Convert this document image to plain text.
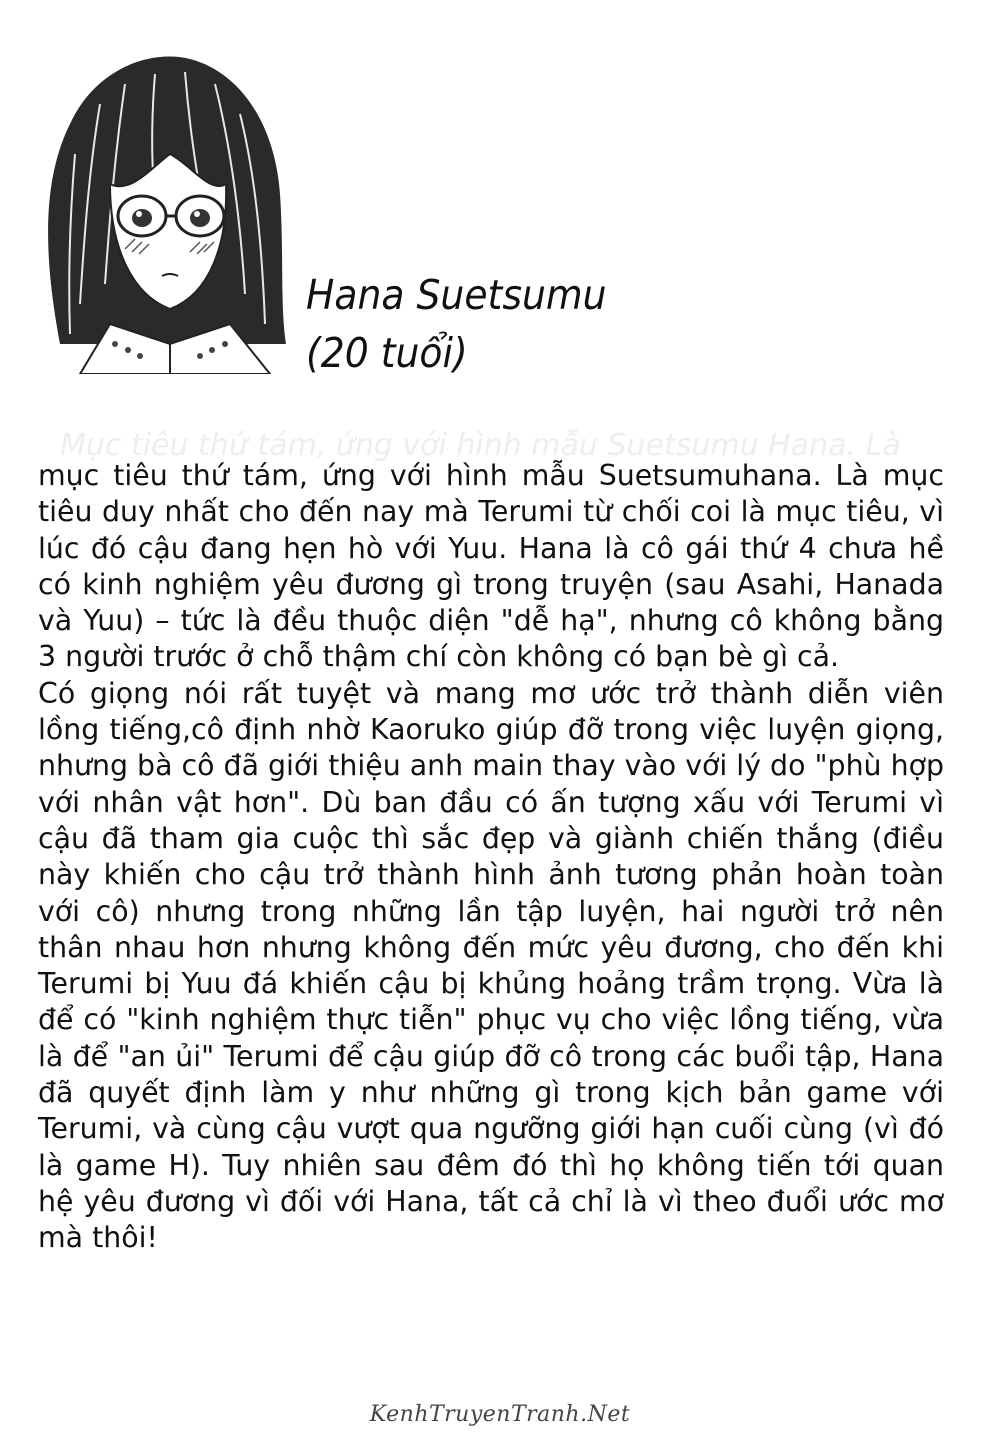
Hana Suetsumu
(20 tuổi)
Mục tiêu thứ tám, ứng với hình mẫu Suetsumu Hana. Là

mục tiêu thứ tám, ứng với hình mẫu Suetsumuhana. Là mục tiêu duy nhất cho đến nay mà Terumi từ chối coi là mục tiêu, vì lúc đó cậu đang hẹn hò với Yuu. Hana là cô gái thứ 4 chưa hề có kinh nghiệm yêu đương gì trong truyện (sau Asahi, Hanada và Yuu) – tức là đều thuộc diện "dễ hạ", nhưng cô không bằng 3 người trước ở chỗ thậm chí còn không có bạn bè gì cả.

Có giọng nói rất tuyệt và mang mơ ước trở thành diễn viên lồng tiếng,cô định nhờ Kaoruko giúp đỡ trong việc luyện giọng, nhưng bà cô đã giới thiệu anh main thay vào với lý do "phù hợp với nhân vật hơn". Dù ban đầu có ấn tượng xấu với Terumi vì cậu đã tham gia cuộc thì sắc đẹp và giành chiến thắng (điều này khiến cho cậu trở thành hình ảnh tương phản hoàn toàn với cô) nhưng trong những lần tập luyện, hai người trở nên thân nhau hơn nhưng không đến mức yêu đương, cho đến khi Terumi bị Yuu đá khiến cậu bị khủng hoảng trầm trọng. Vừa là để có "kinh nghiệm thực tiễn" phục vụ cho việc lồng tiếng, vừa là để "an ủi" Terumi để cậu giúp đỡ cô trong các buổi tập, Hana đã quyết định làm y như những gì trong kịch bản game với Terumi, và cùng cậu vượt qua ngưỡng giới hạn cuối cùng (vì đó là game H). Tuy nhiên sau đêm đó thì họ không tiến tới quan hệ yêu đương vì đối với Hana, tất cả chỉ là vì theo đuổi ước mơ mà thôi!

KenhTruyenTranh.Net
